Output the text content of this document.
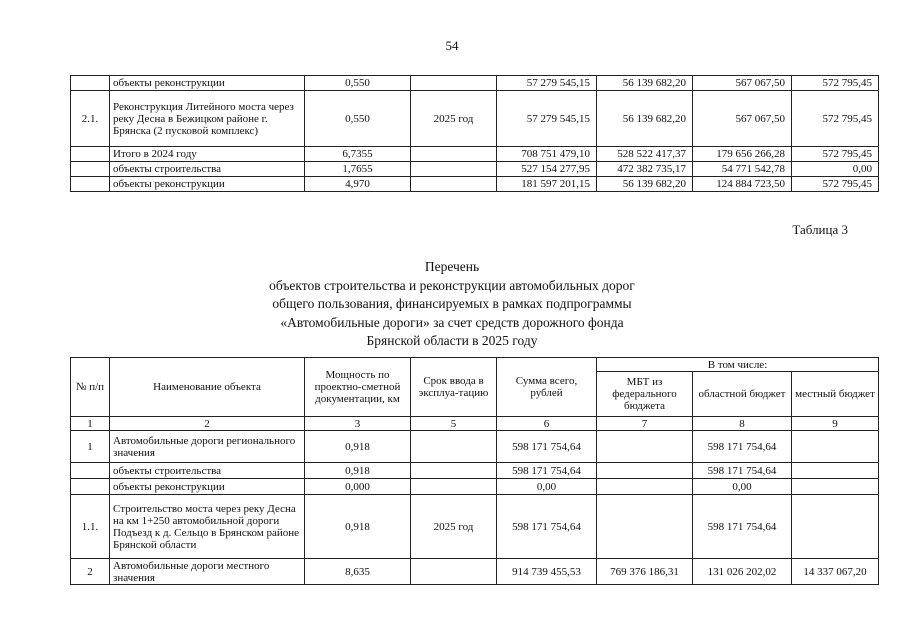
54
	объекты реконструкции	0,550		57 279 545,15	56 139 682,20	567 067,50	572 795,45
2.1.	Реконструкция Литейного моста через реку Десна в Бежицком районе г. Брянска (2 пусковой комплекс)	0,550	2025 год	57 279 545,15	56 139 682,20	567 067,50	572 795,45
	Итого в 2024 году	6,7355		708 751 479,10	528 522 417,37	179 656 266,28	572 795,45
	объекты строительства	1,7655		527 154 277,95	472 382 735,17	54 771 542,78	0,00
	объекты реконструкции	4,970		181 597 201,15	56 139 682,20	124 884 723,50	572 795,45
Таблица 3
Перечень
объектов строительства и реконструкции автомобильных дорог
общего пользования, финансируемых в рамках подпрограммы
«Автомобильные дороги» за счет средств дорожного фонда
Брянской области в 2025 году
№ п/п	Наименование объекта	Мощность по проектно-сметной документации, км	Срок ввода в эксплуа-тацию	Сумма всего, рублей	В том числе:		
					МБТ из федерального бюджета	областной бюджет	местный бюджет
1	2	3	5	6	7	8	9
1	Автомобильные дороги регионального значения	0,918		598 171 754,64		598 171 754,64	
	объекты строительства	0,918		598 171 754,64		598 171 754,64	
	объекты реконструкции	0,000		0,00		0,00	
1.1.	Строительство моста через реку Десна на км 1+250 автомобильной дороги Подъезд к д. Сельцо в Брянском районе Брянской области	0,918	2025 год	598 171 754,64		598 171 754,64	
2	Автомобильные дороги местного значения	8,635		914 739 455,53	769 376 186,31	131 026 202,02	14 337 067,20
